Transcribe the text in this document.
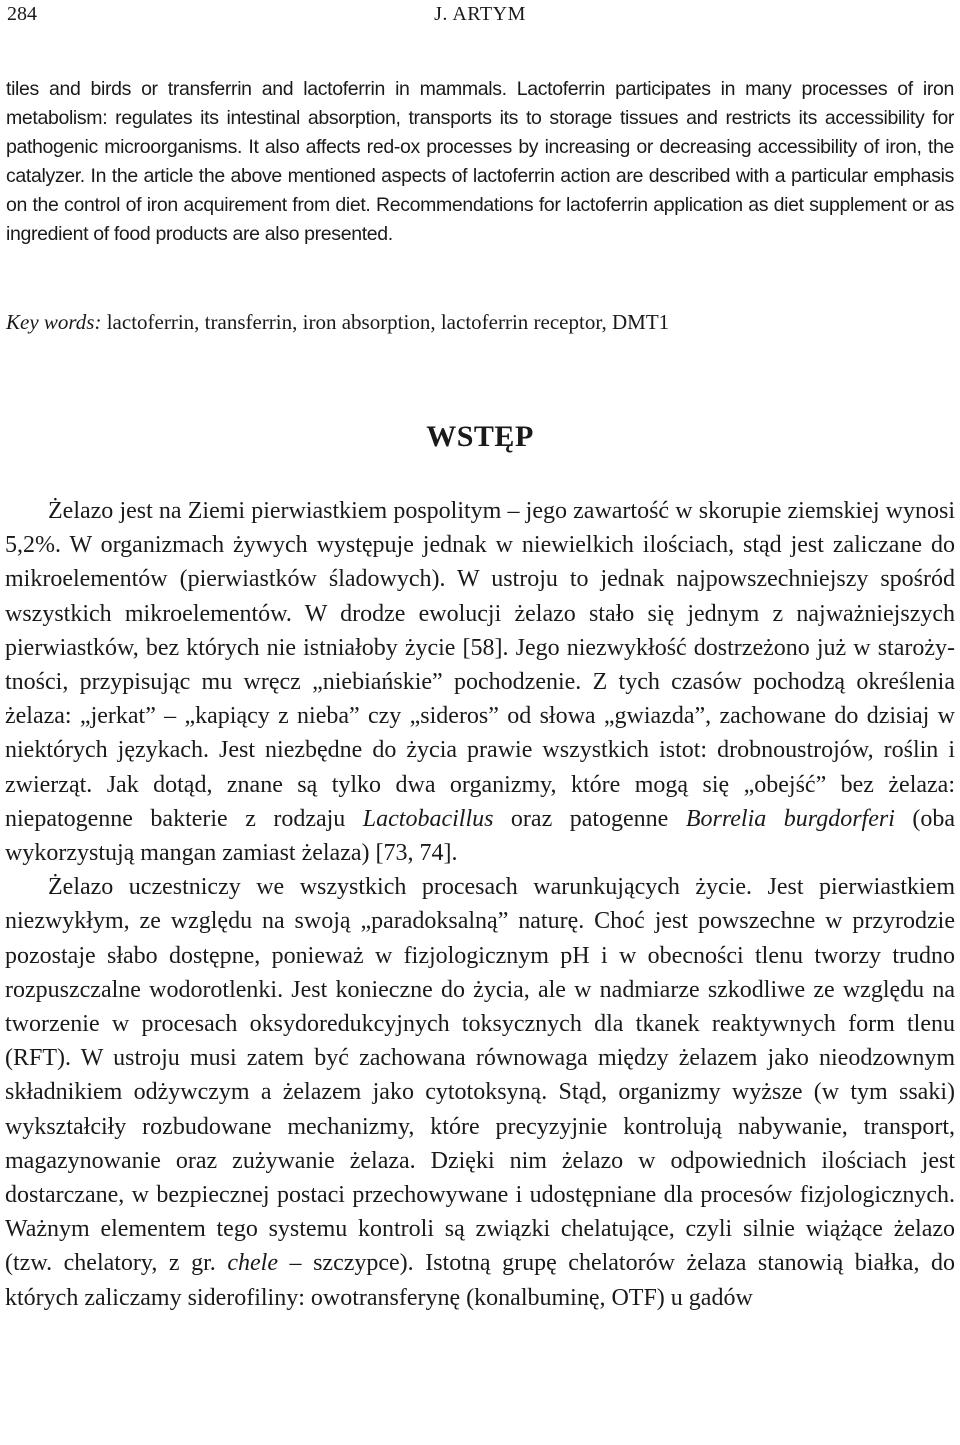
284	J. ARTYM

tiles and birds or transferrin and lactoferrin in mammals. Lactoferrin participates in many processes of iron metabolism: regulates its intestinal absorption, transports its to storage tissues and restricts its accessibility for pathogenic microorganisms. It also affects red-ox processes by increasing or decreasing accessibility of iron, the catalyzer. In the article the above mentioned aspects of lactoferrin action are described with a particular emphasis on the control of iron acquirement from diet. Recommendations for lactoferrin application as diet supplement or as ingredient of food products are also presented.

Key words: lactoferrin, transferrin, iron absorption, lactoferrin receptor, DMT1

WSTĘP

Żelazo jest na Ziemi pierwiastkiem pospolitym – jego zawartość w skorupie ziemskiej wynosi 5,2%. W organizmach żywych występuje jednak w niewielkich ilościach, stąd jest zaliczane do mikroelementów (pierwiastków śladowych). W ustroju to jednak najpowszechniejszy spośród wszystkich mikroelementów. W drodze ewolucji żelazo stało się jednym z najważniejszych pierwiastków, bez których nie istniałoby życie [58]. Jego niezwykłość dostrzeżono już w starożytności, przypisując mu wręcz „niebiańskie” pochodzenie. Z tych czasów pochodzą określenia żelaza: „jerkat” – „kapiący z nieba” czy „sideros” od słowa „gwiazda”, zachowane do dzisiaj w niektórych językach. Jest niezbędne do życia prawie wszystkich istot: drobnoustrojów, roślin i zwierząt. Jak dotąd, znane są tylko dwa organizmy, które mogą się „obejść” bez żelaza: niepatogenne bakterie z rodzaju Lactobacillus oraz patogenne Borrelia burgdorferi (oba wykorzystują mangan zamiast żelaza) [73, 74].

Żelazo uczestniczy we wszystkich procesach warunkujących życie. Jest pierwiastkiem niezwykłym, ze względu na swoją „paradoksalną” naturę. Choć jest powszechne w przyrodzie pozostaje słabo dostępne, ponieważ w fizjologicznym pH i w obecności tlenu tworzy trudno rozpuszczalne wodorotlenki. Jest konieczne do życia, ale w nadmiarze szkodliwe ze względu na tworzenie w procesach oksydoredukcyjnych toksycznych dla tkanek reaktywnych form tlenu (RFT). W ustroju musi zatem być zachowana równowaga między żelazem jako nieodzownym składnikiem odżywczym a żelazem jako cytotoksyną. Stąd, organizmy wyższe (w tym ssaki) wykształciły rozbudowane mechanizmy, które precyzyjnie kontrolują nabywanie, transport, magazynowanie oraz zużywanie żelaza. Dzięki nim żelazo w odpowiednich ilościach jest dostarczane, w bezpiecznej postaci przechowywane i udostępniane dla procesów fizjologicznych. Ważnym elementem tego systemu kontroli są związki chelatujące, czyli silnie wiążące żelazo (tzw. chelatory, z gr. chele – szczypce). Istotną grupę chelatorów żelaza stanowią białka, do których zaliczamy siderofiliny: owotransferynę (konalbuminę, OTF) u gadów
